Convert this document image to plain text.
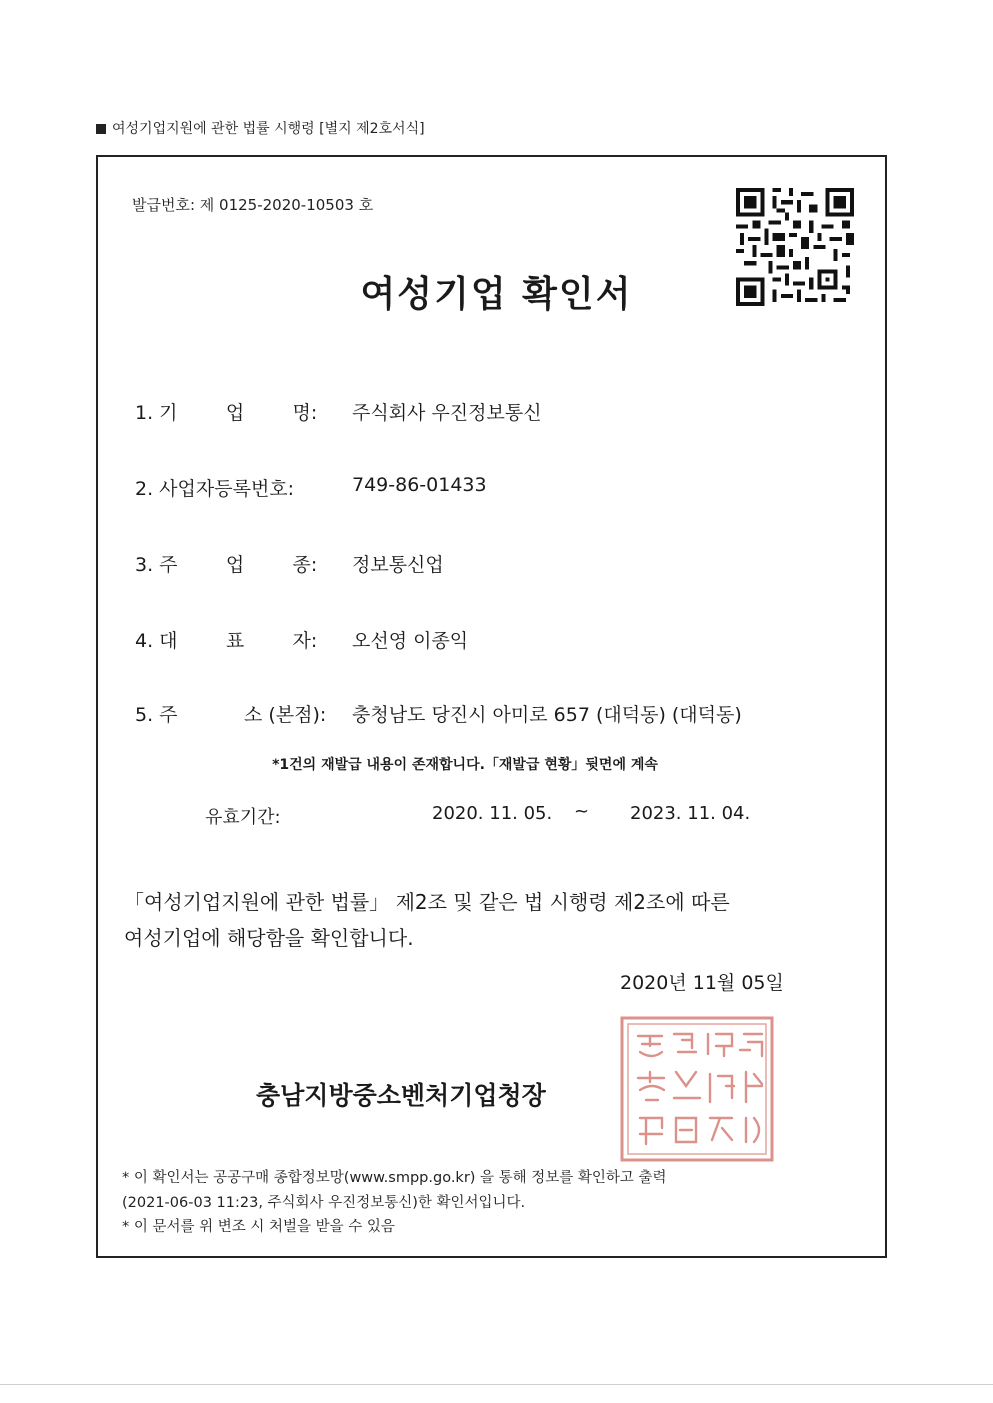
여성기업지원에 관한 법률 시행령 [별지 제2호서식]
발급번호: 제 0125-2020-10503 호
여성기업 확인서
1. 기        업        명: 주식회사 우진정보통신
2. 사업자등록번호:	749-86-01433
3. 주        업        종: 정보통신업
4. 대        표        자: 오선영 이종익
5. 주           소 (본점): 충청남도 당진시 아미로 657 (대덕동) (대덕동)
*1건의 재발급 내용이 존재합니다.「재발급 현황」뒷면에 계속
유효기간:	2020. 11. 05. ~ 2023. 11. 04.
「여성기업지원에 관한 법률」 제2조 및 같은 법 시행령 제2조에 따른
여성기업에 해당함을 확인합니다.
2020년 11월 05일
충남지방중소벤처기업청장
* 이 확인서는 공공구매 종합정보망(www.smpp.go.kr) 을 통해 정보를 확인하고 출력
(2021-06-03 11:23, 주식회사 우진정보통신)한 확인서입니다.
* 이 문서를 위 변조 시 처벌을 받을 수 있음
